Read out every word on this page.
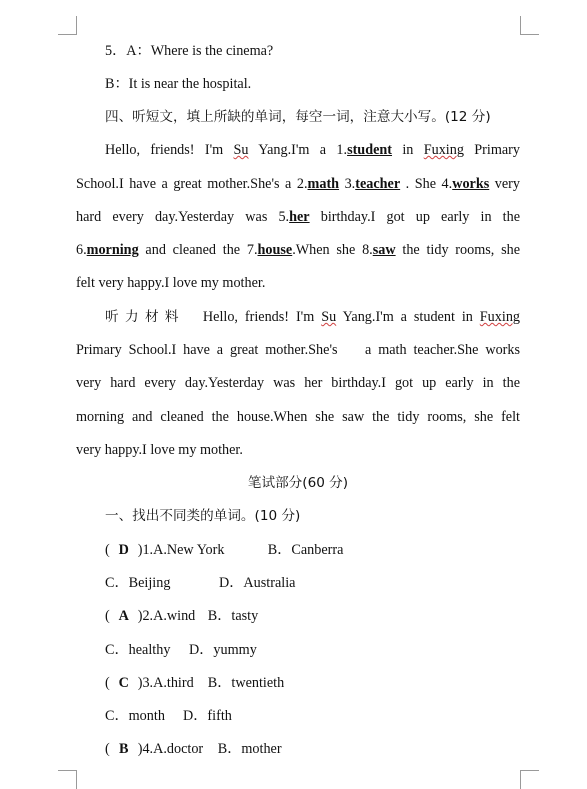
5．A：Where is the cinema?
B：It is near the hospital.
四、听短文，填上所缺的单词，每空一词，注意大小写。(12 分)
Hello, friends! I'm Su Yang.I'm a 1.student in Fuxing Primary
School.I have a great mother.She's a 2.math 3.teacher . She 4.works very
hard every day.Yesterday was 5.her birthday.I got up early in the
6.morning and cleaned the 7.house.When she 8.saw the tidy rooms, she
felt very happy.I love my mother.
听力材料 Hello, friends! I'm Su Yang.I'm a student in Fuxing
Primary School.I have a great mother.She's    a math teacher.She works
very hard every day.Yesterday was her birthday.I got up early in the
morning and cleaned the house.When she saw the tidy rooms, she felt
very happy.I love my mother.
笔试部分(60 分)
一、找出不同类的单词。(10 分)
( D )1.A.New York	B．Canberra
C．Beijing	D．Australia
( A )2.A.wind B．tasty
C．healthy D．yummy
( C )3.A.third B．twentieth
C．month D．fifth
( B )4.A.doctor B．mother
